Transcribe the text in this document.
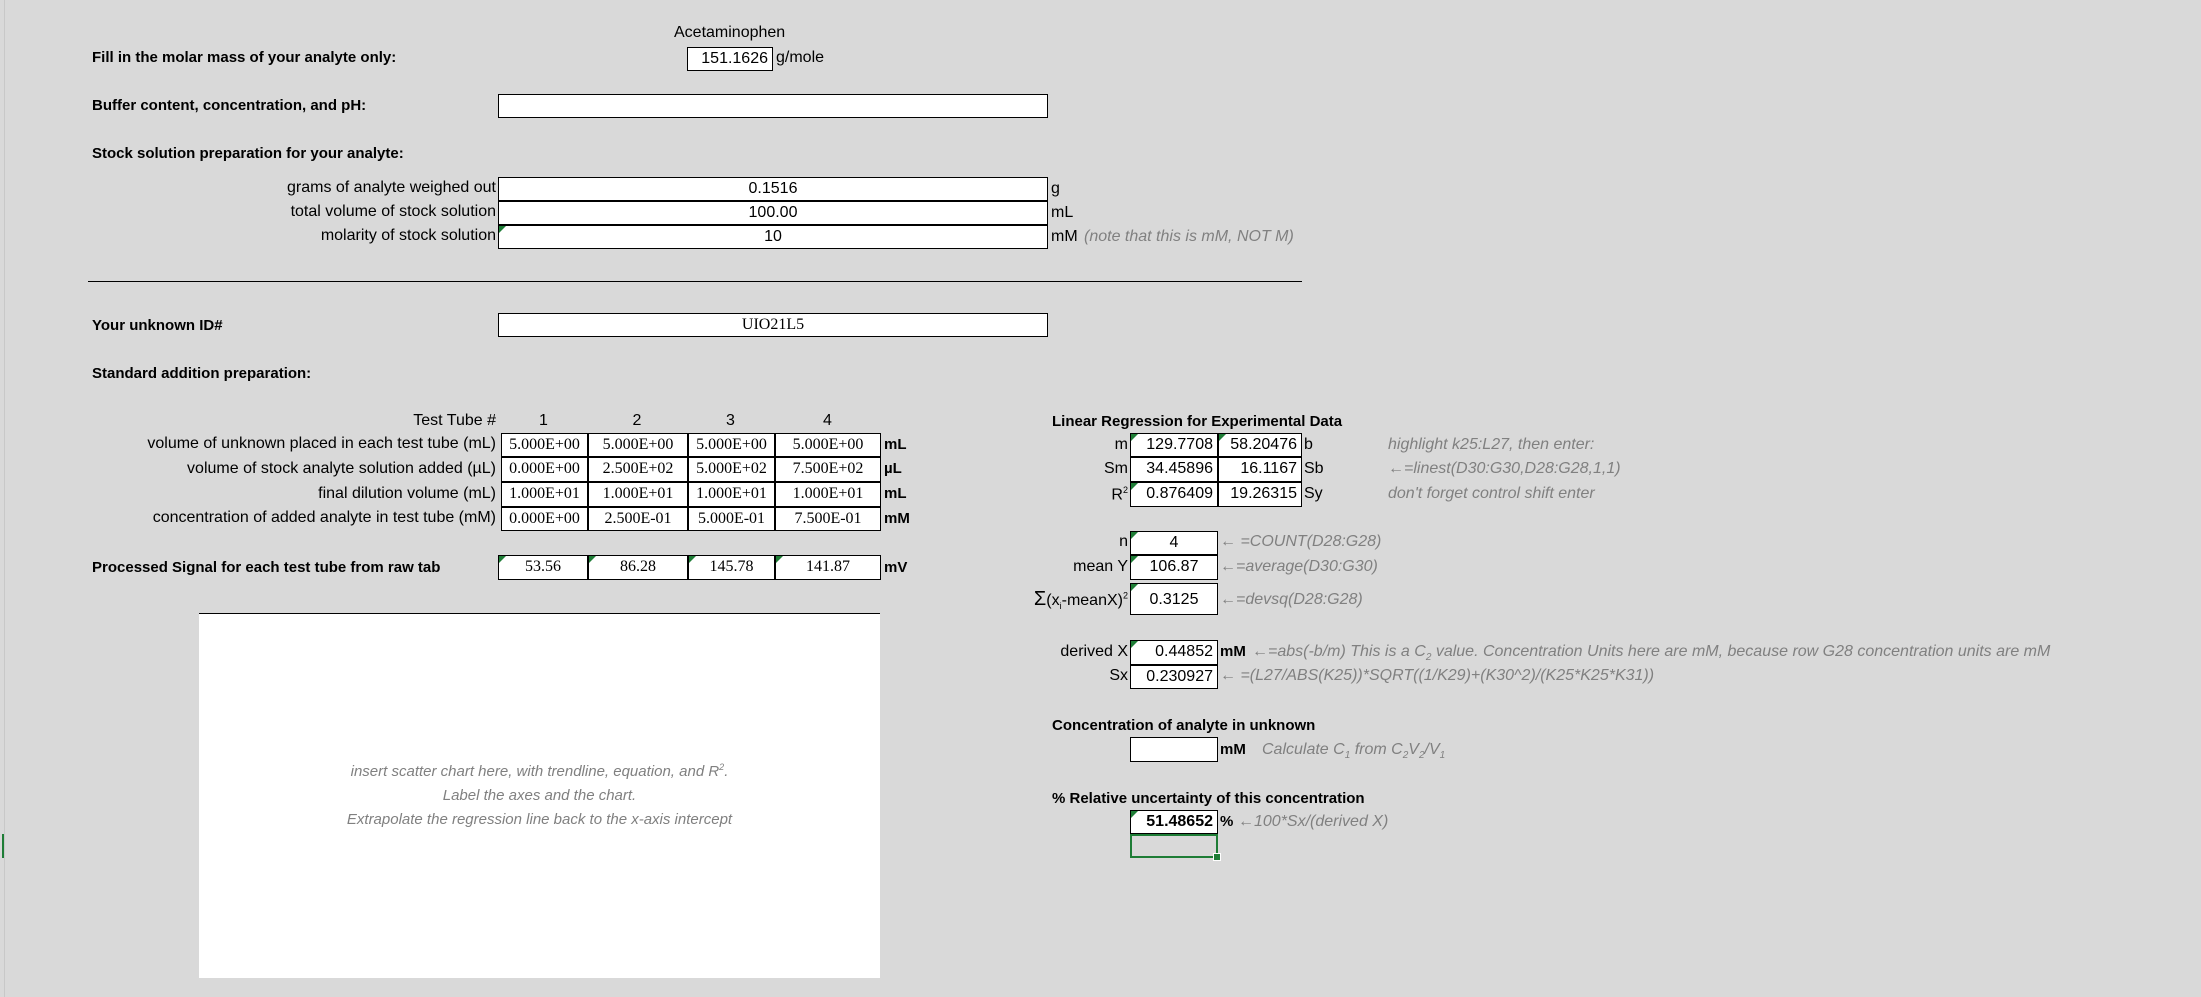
Acetaminophen
Fill in the molar mass of your analyte only:	151.1626 g/mole
Buffer content, concentration, and pH:
Stock solution preparation for your analyte:
grams of analyte weighed out	0.1516	g
total volume of stock solution	100.00	mL
molarity of stock solution	10	mM (note that this is mM, NOT M)
Your unknown ID#	UIO21L5
Standard addition preparation:
Test Tube #	1	2	3	4
volume of unknown placed in each test tube (mL) 5.000E+00	5.000E+00	5.000E+00	5.000E+00	mL
volume of stock analyte solution added (µL) 0.000E+00	2.500E+02	5.000E+02	7.500E+02	µL
final dilution volume (mL) 1.000E+01	1.000E+01	1.000E+01	1.000E+01	mL
concentration of added analyte in test tube (mM) 0.000E+00	2.500E-01	5.000E-01	7.500E-01	mM
Processed Signal for each test tube from raw tab	53.56	86.28	145.78	141.87	mV
insert scatter chart here, with trendline, equation, and $R^2$.
Label the axes and the chart.
Extrapolate the regression line back to the x-axis intercept
Linear Regression for Experimental Data
m	129.7708	58.20476 b	highlight k25:L27, then enter:
Sm	34.45896	16.1167 Sb	←=linest(D30:G30,D28:G28,1,1)
$R^2$	0.876409	19.26315 Sy	don't forget control shift enter
n	4	← =COUNT(D28:G28)
mean Y	106.87	←=average(D30:G30)
$\Sigma(x_i-meanX)^2$	0.3125	←=devsq(D28:G28)
derived X	0.44852 mM ←=abs(-b/m) This is a $C_2$ value. Concentration Units here are mM, because row G28 concentration units are mM
Sx	0.230927 ← =(L27/ABS(K25))*SQRT((1/K29)+(K30^2)/(K25*K25*K31))
Concentration of analyte in unknown
mM Calculate $C_1$ from $C_2V_2/V_1$
% Relative uncertainty of this concentration
51.48652 % ←100*Sx/(derived X)
